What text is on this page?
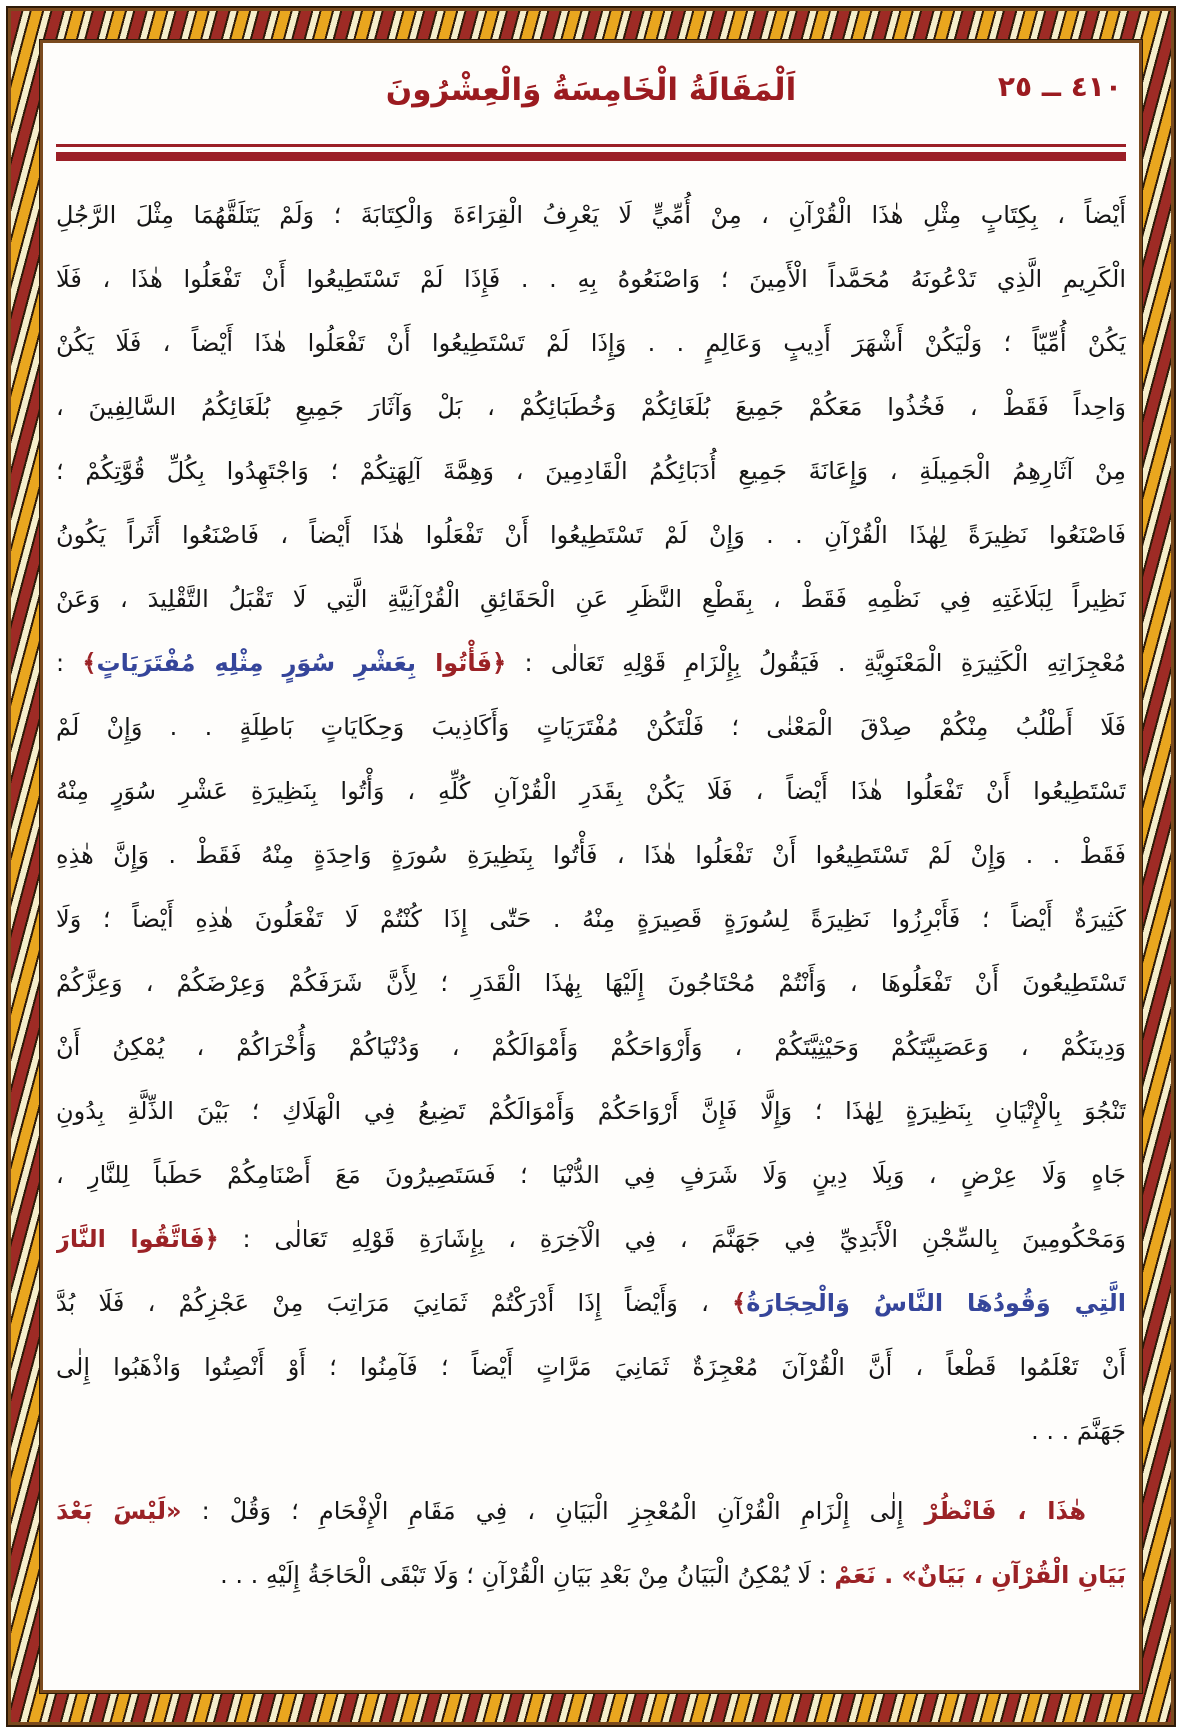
٤١٠ ــ ٢٥
اَلْمَقَالَةُ الْخَامِسَةُ وَالْعِشْرُونَ
أَيْضاً ، بِكِتَابٍ مِثْلِ هٰذَا الْقُرْآنِ ، مِنْ أُمِّيٍّ لَا يَعْرِفُ الْقِرَاءَةَ وَالْكِتَابَةَ ؛ وَلَمْ يَتَلَقَّهُمَا مِثْلَ الرَّجُلِ
الْكَرِيمِ الَّذِي تَدْعُونَهُ مُحَمَّداً الْأَمِينَ ؛ وَاصْنَعُوهُ بِهِ . . فَإِذَا لَمْ تَسْتَطِيعُوا أَنْ تَفْعَلُوا هٰذَا ، فَلَا
يَكُنْ أُمِّيّاً ؛ وَلْيَكُنْ أَشْهَرَ أَدِيبٍ وَعَالِمٍ . . وَإِذَا لَمْ تَسْتَطِيعُوا أَنْ تَفْعَلُوا هٰذَا أَيْضاً ، فَلَا يَكُنْ
وَاحِداً فَقَطْ ، فَخُذُوا مَعَكُمْ جَمِيعَ بُلَغَائِكُمْ وَخُطَبَائِكُمْ ، بَلْ وَآثَارَ جَمِيعِ بُلَغَائِكُمُ السَّالِفِينَ ،
مِنْ آثَارِهِمُ الْجَمِيلَةِ ، وَإِعَانَةَ جَمِيعِ أُدَبَائِكُمُ الْقَادِمِينَ ، وَهِمَّةَ آلِهَتِكُمْ ؛ وَاجْتَهِدُوا بِكُلِّ قُوَّتِكُمْ ؛
فَاصْنَعُوا نَظِيرَةً لِهٰذَا الْقُرْآنِ . . وَإِنْ لَمْ تَسْتَطِيعُوا أَنْ تَفْعَلُوا هٰذَا أَيْضاً ، فَاصْنَعُوا أَثَراً يَكُونُ
نَظِيراً لِبَلَاغَتِهِ فِي نَظْمِهِ فَقَطْ ، بِقَطْعِ النَّظَرِ عَنِ الْحَقَائِقِ الْقُرْآنِيَّةِ الَّتِي لَا تَقْبَلُ التَّقْلِيدَ ، وَعَنْ
مُعْجِزَاتِهِ الْكَثِيرَةِ الْمَعْنَوِيَّةِ . فَيَقُولُ بِإِلْزَامِ قَوْلِهِ تَعَالٰى : ﴿فَأْتُوا بِعَشْرِ سُوَرٍ مِثْلِهِ مُفْتَرَيَاتٍ﴾ :
فَلَا أَطْلُبُ مِنْكُمْ صِدْقَ الْمَعْنٰى ؛ فَلْتَكُنْ مُفْتَرَيَاتٍ وَأَكَاذِيبَ وَحِكَايَاتٍ بَاطِلَةٍ . . وَإِنْ لَمْ
تَسْتَطِيعُوا أَنْ تَفْعَلُوا هٰذَا أَيْضاً ، فَلَا يَكُنْ بِقَدَرِ الْقُرْآنِ كُلِّهِ ، وَأْتُوا بِنَظِيرَةِ عَشْرِ سُوَرٍ مِنْهُ
فَقَطْ . . وَإِنْ لَمْ تَسْتَطِيعُوا أَنْ تَفْعَلُوا هٰذَا ، فَأْتُوا بِنَظِيرَةِ سُورَةٍ وَاحِدَةٍ مِنْهُ فَقَطْ . وَإِنَّ هٰذِهِ
كَثِيرَةٌ أَيْضاً ؛ فَأَبْرِزُوا نَظِيرَةً لِسُورَةٍ قَصِيرَةٍ مِنْهُ . حَتّٰى إِذَا كُنْتُمْ لَا تَفْعَلُونَ هٰذِهِ أَيْضاً ؛ وَلَا
تَسْتَطِيعُونَ أَنْ تَفْعَلُوهَا ، وَأَنْتُمْ مُحْتَاجُونَ إِلَيْهَا بِهٰذَا الْقَدَرِ ؛ لِأَنَّ شَرَفَكُمْ وَعِرْضَكُمْ ، وَعِزَّكُمْ
وَدِينَكُمْ ، وَعَصَبِيَّتَكُمْ وَحَيْثِيَّتَكُمْ ، وَأَرْوَاحَكُمْ وَأَمْوَالَكُمْ ، وَدُنْيَاكُمْ وَأُخْرَاكُمْ ، يُمْكِنُ أَنْ
تَنْجُوَ بِالْإِتْيَانِ بِنَظِيرَةٍ لِهٰذَا ؛ وَإِلَّا فَإِنَّ أَرْوَاحَكُمْ وَأَمْوَالَكُمْ تَضِيعُ فِي الْهَلَاكِ ؛ بَيْنَ الذِّلَّةِ بِدُونِ
جَاهٍ وَلَا عِرْضٍ ، وَبِلَا دِينٍ وَلَا شَرَفٍ فِي الدُّنْيَا ؛ فَسَتَصِيرُونَ مَعَ أَصْنَامِكُمْ حَطَباً لِلنَّارِ ،
وَمَحْكُومِينَ بِالسِّجْنِ الْأَبَدِيِّ فِي جَهَنَّمَ ، فِي الْآخِرَةِ ، بِإِشَارَةِ قَوْلِهِ تَعَالٰى : ﴿فَاتَّقُوا النَّارَ
الَّتِي وَقُودُهَا النَّاسُ وَالْحِجَارَةُ﴾ ، وَأَيْضاً إِذَا أَدْرَكْتُمْ ثَمَانِيَ مَرَاتِبَ مِنْ عَجْزِكُمْ ، فَلَا بُدَّ
أَنْ تَعْلَمُوا قَطْعاً ، أَنَّ الْقُرْآنَ مُعْجِزَةٌ ثَمَانِيَ مَرَّاتٍ أَيْضاً ؛ فَآمِنُوا ؛ أَوْ أَنْصِتُوا وَاذْهَبُوا إِلٰى
جَهَنَّمَ . . .
هٰذَا ، فَانْظُرْ إِلٰى إِلْزَامِ الْقُرْآنِ الْمُعْجِزِ الْبَيَانِ ، فِي مَقَامِ الْإِفْحَامِ ؛ وَقُلْ : «لَيْسَ بَعْدَ
بَيَانِ الْقُرْآنِ ، بَيَانٌ» . نَعَمْ : لَا يُمْكِنُ الْبَيَانُ مِنْ بَعْدِ بَيَانِ الْقُرْآنِ ؛ وَلَا تَبْقَى الْحَاجَةُ إِلَيْهِ . . .
